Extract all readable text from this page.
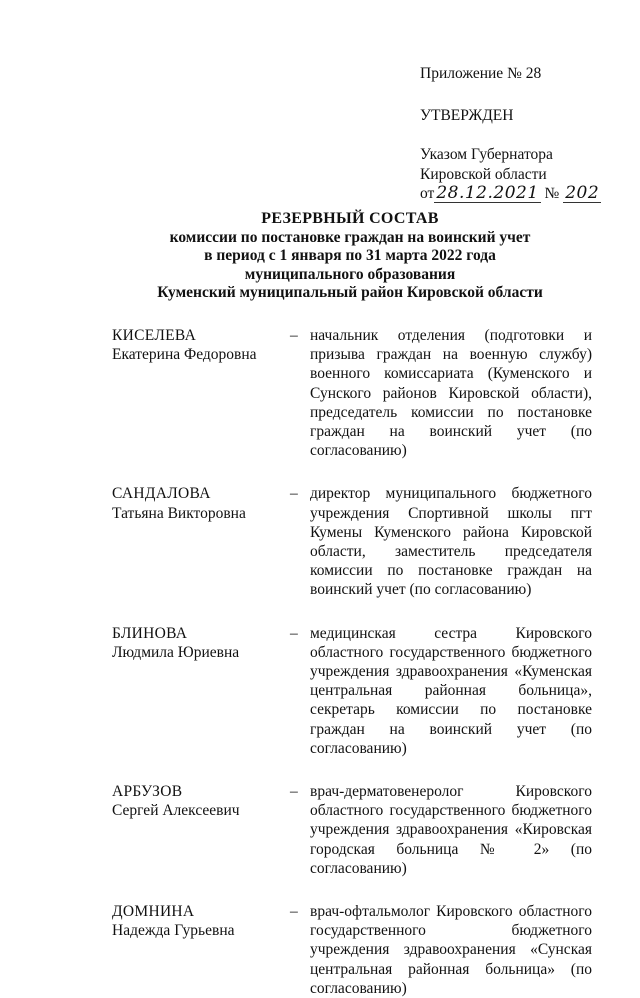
Приложение № 28
УТВЕРЖДЕН
Указом Губернатора
Кировской области
от 28.12.2021 № 202
РЕЗЕРВНЫЙ СОСТАВ
комиссии по постановке граждан на воинский учет
в период с 1 января по 31 марта 2022 года
муниципального образования
Куменский муниципальный район Кировской области
КИСЕЛЕВА
Екатерина Федоровна
– начальник отделения (подготовки и призыва граждан на военную службу) военного комиссариата (Куменского и Сунского районов Кировской области), председатель комиссии по постановке граждан на воинский учет (по согласованию)
САНДАЛОВА
Татьяна Викторовна
– директор муниципального бюджетного учреждения Спортивной школы пгт Кумены Куменского района Кировской области, заместитель председателя комиссии по постановке граждан на воинский учет (по согласованию)
БЛИНОВА
Людмила Юриевна
– медицинская сестра Кировского областного государственного бюджетного учреждения здравоохранения «Куменская центральная районная больница», секретарь комиссии по постановке граждан на воинский учет (по согласованию)
АРБУЗОВ
Сергей Алексеевич
– врач-дерматовенеролог Кировского областного государственного бюджетного учреждения здравоохранения «Кировская городская больница № 2» (по согласованию)
ДОМНИНА
Надежда Гурьевна
– врач-офтальмолог Кировского областного государственного бюджетного учреждения здравоохранения «Сунская центральная районная больница» (по согласованию)
